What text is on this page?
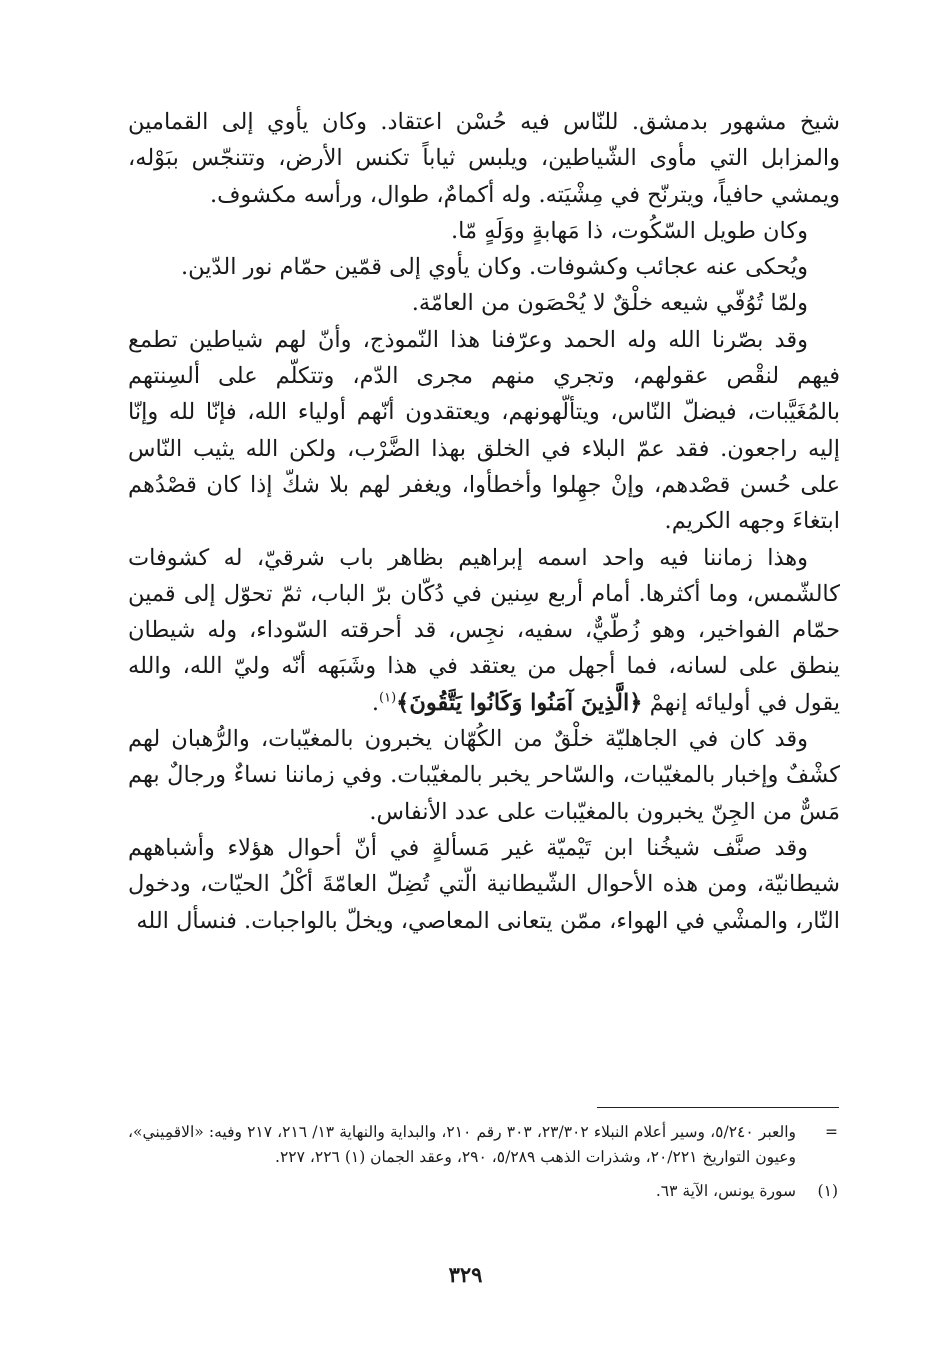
شيخ مشهور بدمشق. للنّاس فيه حُسْن اعتقاد. وكان يأوي إلى القمامين والمزابل التي مأوى الشّياطين، ويلبس ثياباً تكنس الأرض، وتتنجّس ببَوْله، ويمشي حافياً، ويترنّح في مِشْيَته. وله أكمامٌ، طوال، ورأسه مكشوف.

وكان طويل السّكُوت، ذا مَهابةٍ ووَلَهٍ مّا.

ويُحكى عنه عجائب وكشوفات. وكان يأوي إلى قمّين حمّام نور الدّين.

ولمّا تُوُفّي شيعه خلْقٌ لا يُحْصَون من العامّة.

وقد بصّرنا الله وله الحمد وعرّفنا هذا النّموذج، وأنّ لهم شياطين تطمع فيهم لنقْص عقولهم، وتجري منهم مجرى الدّم، وتتكلّم على ألسِنتهم بالمُغَيَّبات، فيضلّ النّاس، ويتألّهونهم، ويعتقدون أنّهم أولياء الله، فإنّا لله وإنّا إليه راجعون. فقد عمّ البلاء في الخلق بهذا الضَّرْب، ولكن الله يثيب النّاس على حُسن قصْدهم، وإنْ جهِلوا وأخطأوا، ويغفر لهم بلا شكّ إذا كان قصْدُهم ابتغاءَ وجهه الكريم.

وهذا زماننا فيه واحد اسمه إبراهيم بظاهر باب شرقيّ، له كشوفات كالشّمس، وما أكثرها. أمام أربع سِنين في دُكّان برّ الباب، ثمّ تحوّل إلى قمين حمّام الفواخير، وهو زُطّيٌّ، سفيه، نجِس، قد أحرقته السّوداء، وله شيطان ينطق على لسانه، فما أجهل من يعتقد في هذا وشَبَهه أنّه وليّ الله، والله يقول في أوليائه إنهمْ ﴿الَّذِينَ آمَنُوا وَكَانُوا يَتَّقُونَ﴾$^{(١)}$.

وقد كان في الجاهليّة خلْقٌ من الكُهّان يخبرون بالمغيّبات، والرُّهبان لهم كشْفٌ وإخبار بالمغيّبات، والسّاحر يخبر بالمغيّبات. وفي زماننا نساءٌ ورجالٌ بهم مَسٌّ من الجِنّ يخبرون بالمغيّبات على عدد الأنفاس.

وقد صنَّف شيخُنا ابن تَيْميّة غير مَسألةٍ في أنّ أحوال هؤلاء وأشباههم شيطانيّة، ومن هذه الأحوال الشّيطانية الّتي تُضِلّ العامّةَ أكْلُ الحيّات، ودخول النّار، والمشْي في الهواء، ممّن يتعانى المعاصي، ويخلّ بالواجبات. فنسأل الله

=
والعبر ٥/٢٤٠، وسير أعلام النبلاء ٢٣/٣٠٢، ٣٠٣ رقم ٢١٠، والبداية والنهاية ١٣/ ٢١٦، ٢١٧ وفيه: «الاقمِيني»، وعيون التواريخ ٢٠/٢٢١، وشذرات الذهب ٥/٢٨٩، ٢٩٠، وعقد الجمان (١) ٢٢٦، ٢٢٧.

(١)
سورة يونس، الآية ٦٣.

٣٢٩
